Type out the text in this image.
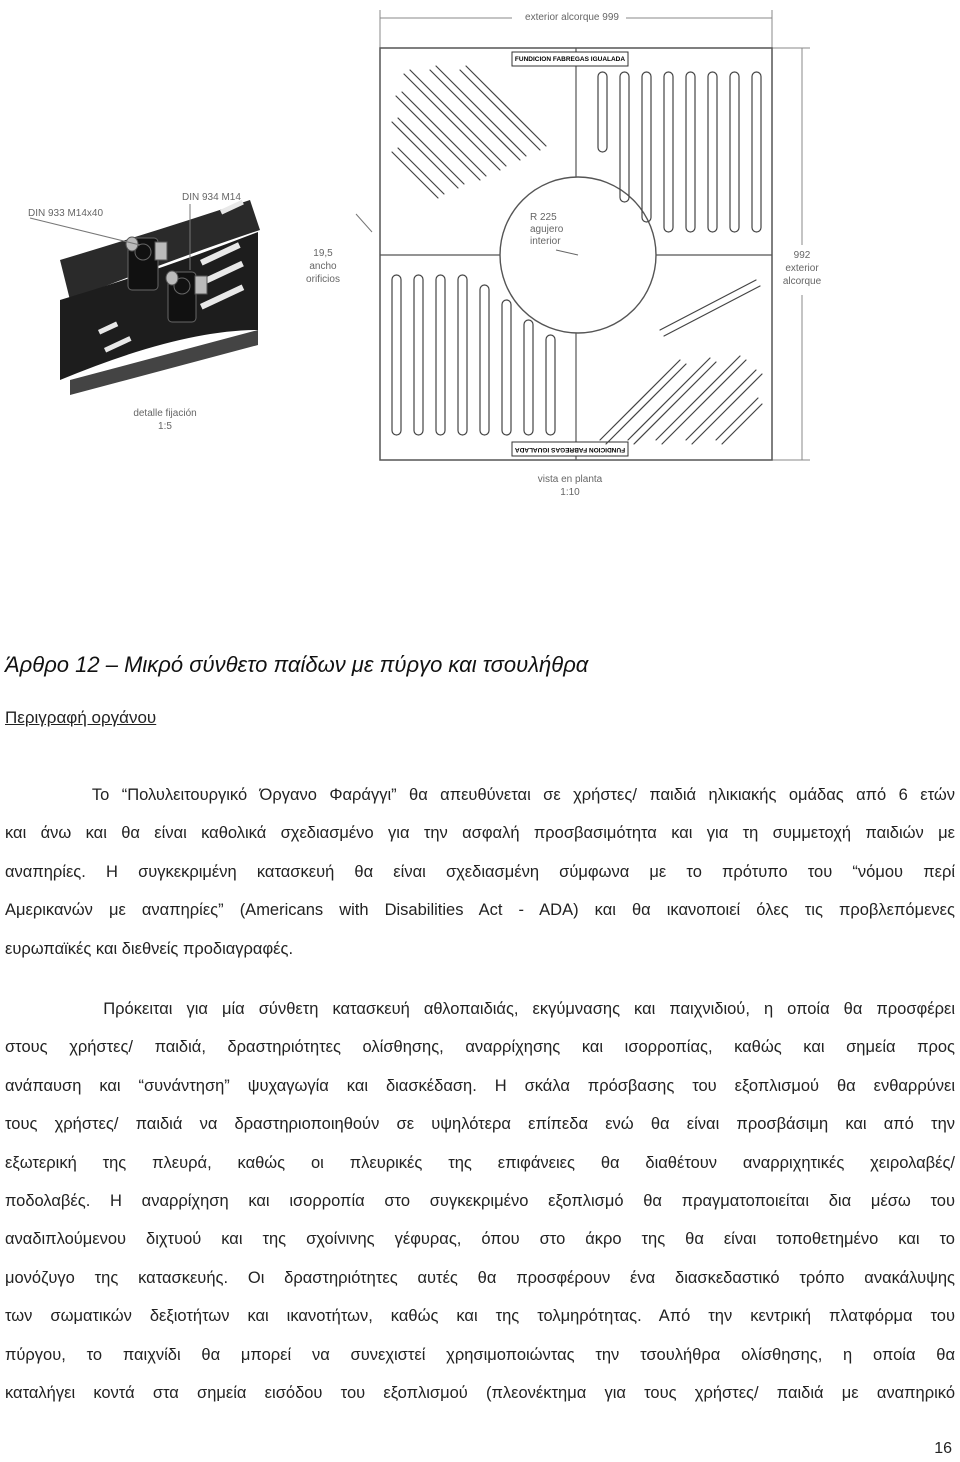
exterior alcorque 999
FUNDICION FABREGAS IGUALADA
FUNDICION FABREGAS IGUALADA
R 225
agujero
interior
19,5
ancho
orificios
992
exterior
alcorque
DIN 934 M14
DIN 933 M14x40
detalle fijación
1:5
vista en planta
1:10
Άρθρο 12 – Μικρό σύνθετο παίδων με πύργο και τσουλήθρα
Περιγραφή οργάνου
Το “Πολυλειτουργικό Όργανο Φαράγγι” θα απευθύνεται σε χρήστες/ παιδιά ηλικιακής ομάδας από 6 ετών
και άνω και θα είναι καθολικά σχεδιασμένο για την ασφαλή προσβασιμότητα και για τη συμμετοχή παιδιών με
αναπηρίες. Η συγκεκριμένη κατασκευή θα είναι σχεδιασμένη σύμφωνα με το πρότυπο του “νόμου περί
Αμερικανών με αναπηρίες” (Americans with Disabilities Act - ADA) και θα ικανοποιεί όλες τις προβλεπόμενες
ευρωπαϊκές και διεθνείς προδιαγραφές.
Πρόκειται για μία σύνθετη κατασκευή αθλοπαιδιάς, εκγύμνασης και παιχνιδιού, η οποία θα προσφέρει
στους χρήστες/ παιδιά, δραστηριότητες ολίσθησης, αναρρίχησης και ισορροπίας, καθώς και σημεία προς
ανάπαυση και “συνάντηση” ψυχαγωγία και διασκέδαση. Η σκάλα πρόσβασης του εξοπλισμού θα ενθαρρύνει
τους χρήστες/ παιδιά να δραστηριοποιηθούν σε υψηλότερα επίπεδα ενώ θα είναι προσβάσιμη και από την
εξωτερική της πλευρά, καθώς οι πλευρικές της επιφάνειες θα διαθέτουν αναρριχητικές χειρολαβές/
ποδολαβές. Η αναρρίχηση και ισορροπία στο συγκεκριμένο εξοπλισμό θα πραγματοποιείται δια μέσω του
αναδιπλούμενου διχτυού και της σχοίνινης γέφυρας, όπου στο άκρο της θα είναι τοποθετημένο και το
μονόζυγο της κατασκευής. Οι δραστηριότητες αυτές θα προσφέρουν ένα διασκεδαστικό τρόπο ανακάλυψης
των σωματικών δεξιοτήτων και ικανοτήτων, καθώς και της τολμηρότητας. Από την κεντρική πλατφόρμα του
πύργου, το παιχνίδι θα μπορεί να συνεχιστεί χρησιμοποιώντας την τσουλήθρα ολίσθησης, η οποία θα
καταλήγει κοντά στα σημεία εισόδου του εξοπλισμού (πλεονέκτημα για τους χρήστες/ παιδιά με αναπηρικό
16
